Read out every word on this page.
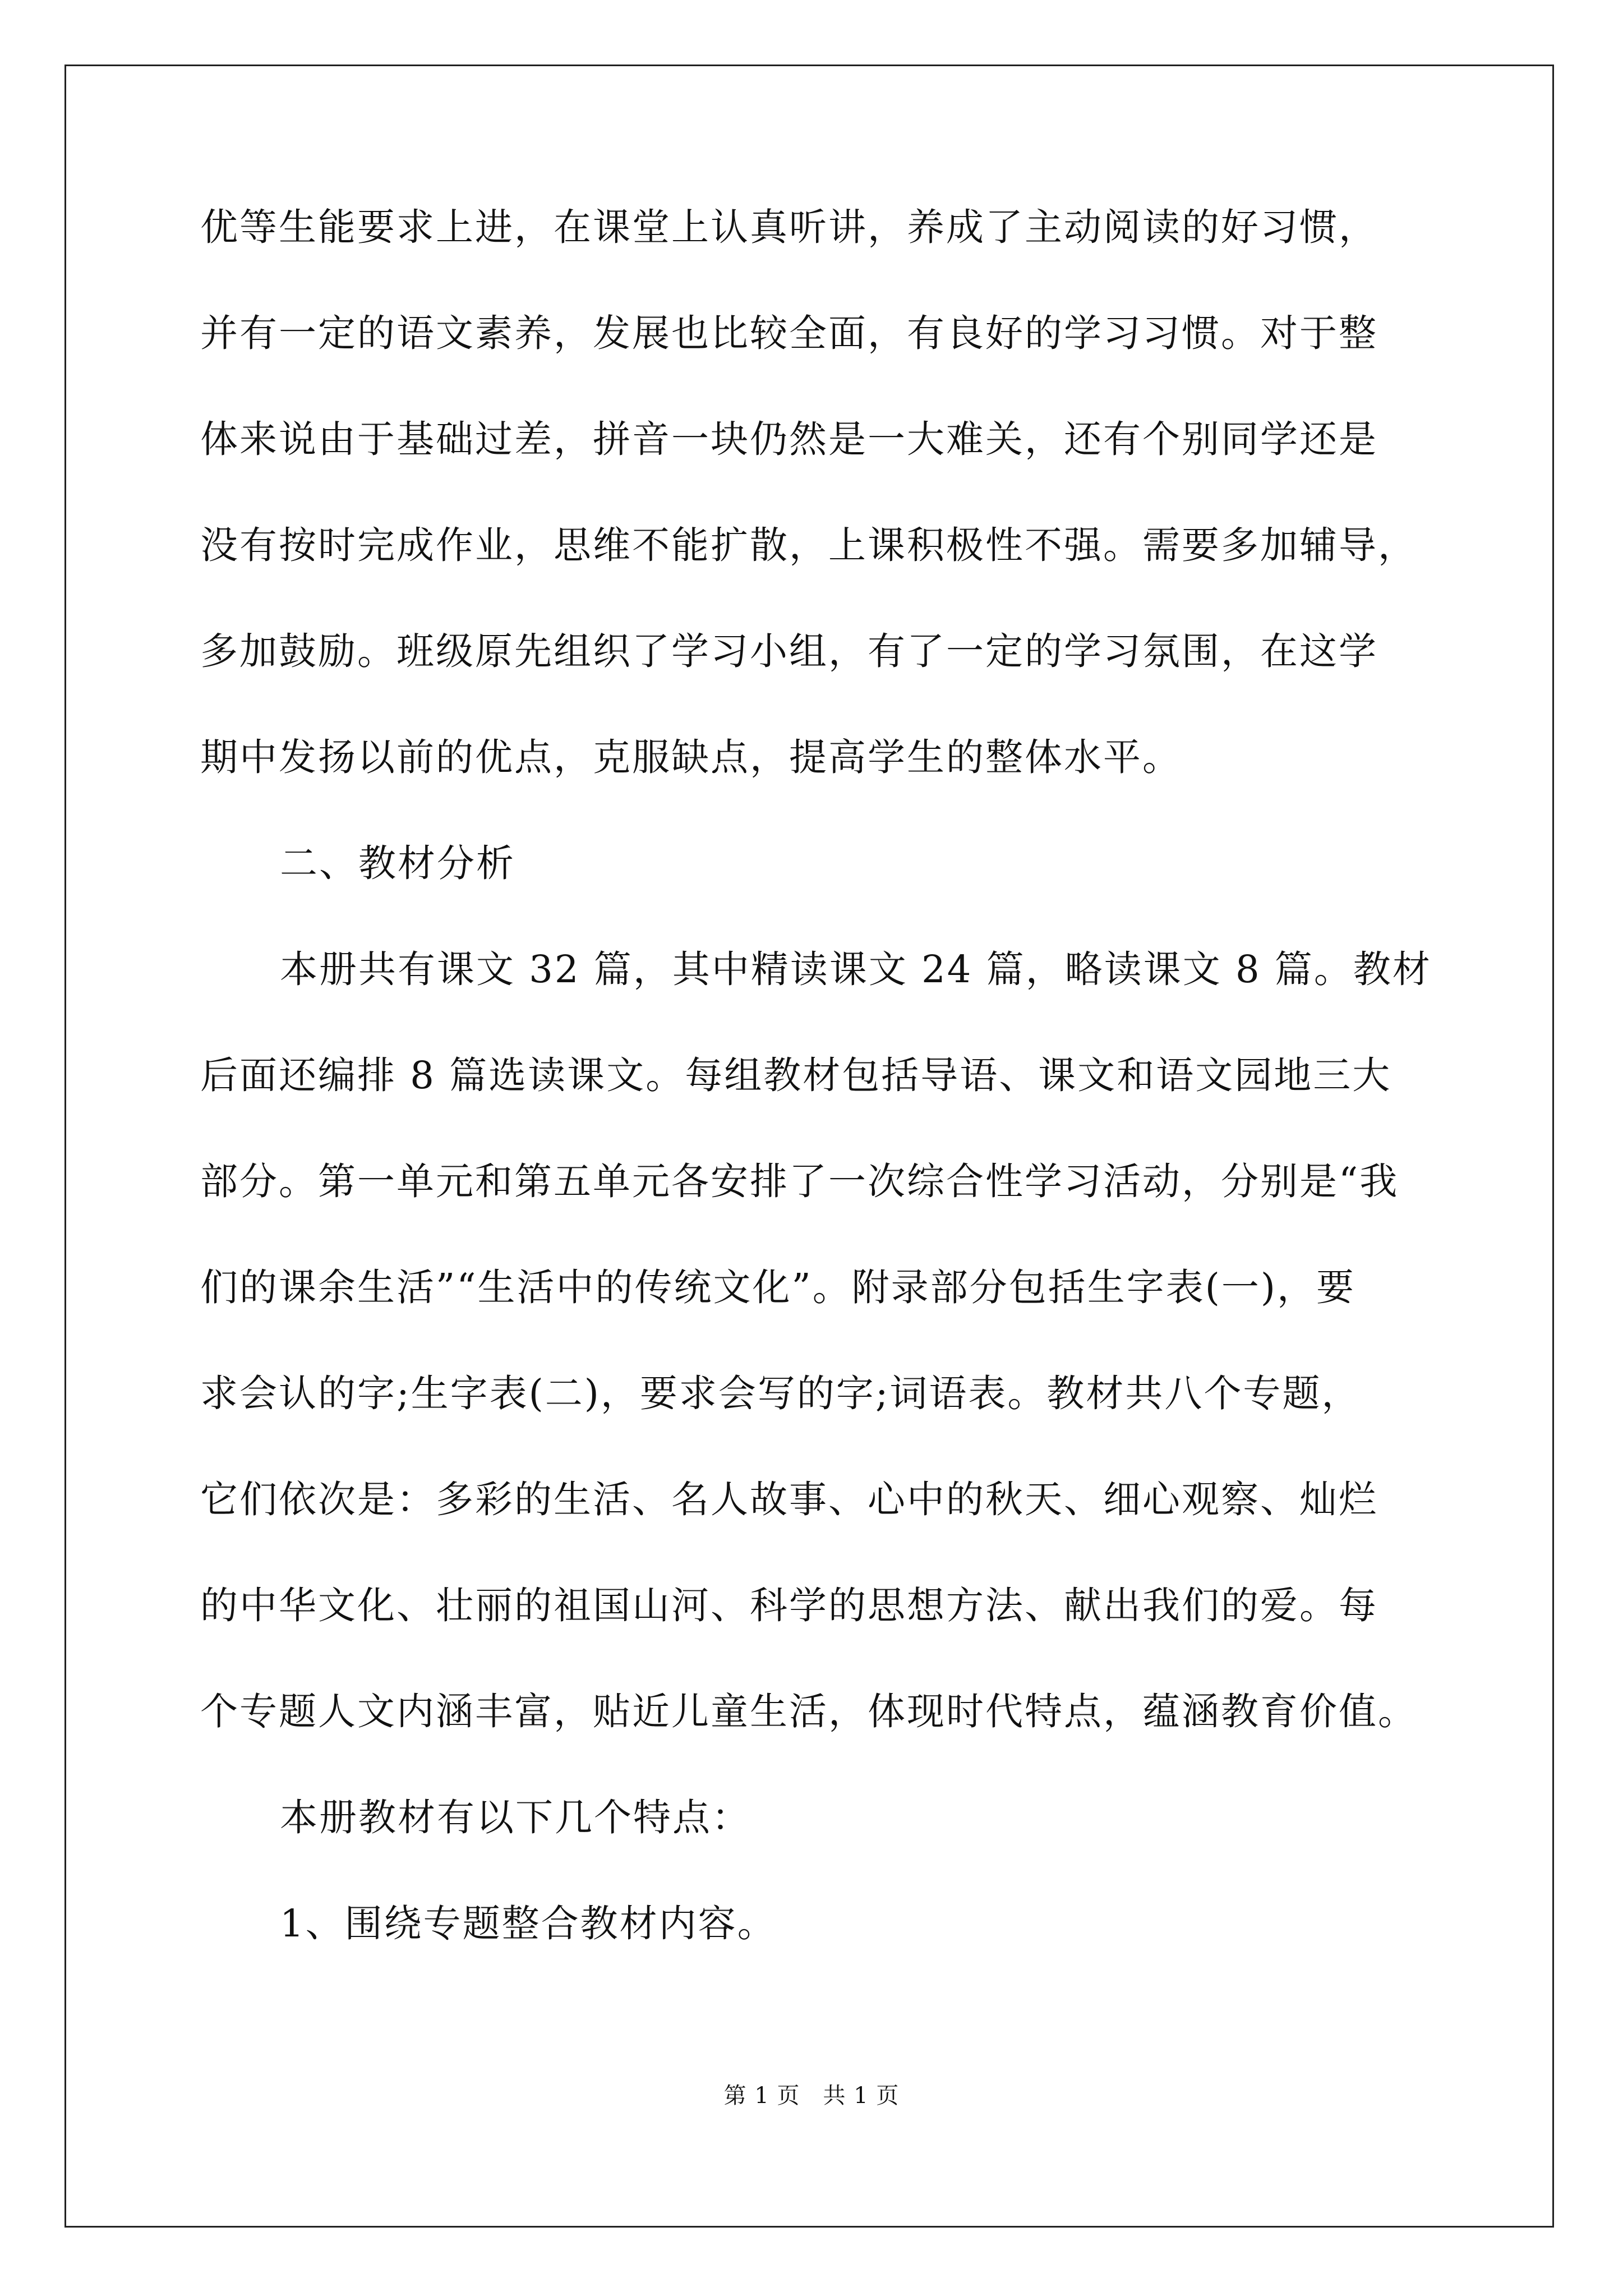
优等生能要求上进，在课堂上认真听讲，养成了主动阅读的好习惯，
并有一定的语文素养，发展也比较全面，有良好的学习习惯。对于整
体来说由于基础过差，拼音一块仍然是一大难关，还有个别同学还是
没有按时完成作业，思维不能扩散，上课积极性不强。需要多加辅导，
多加鼓励。班级原先组织了学习小组，有了一定的学习氛围，在这学
期中发扬以前的优点，克服缺点，提高学生的整体水平。
二、教材分析
本册共有课文 32 篇，其中精读课文 24 篇，略读课文 8 篇。教材
后面还编排 8 篇选读课文。每组教材包括导语、课文和语文园地三大
部分。第一单元和第五单元各安排了一次综合性学习活动，分别是“我
们的课余生活”“生活中的传统文化”。附录部分包括生字表(一)，要
求会认的字;生字表(二)，要求会写的字;词语表。教材共八个专题，
它们依次是：多彩的生活、名人故事、心中的秋天、细心观察、灿烂
的中华文化、壮丽的祖国山河、科学的思想方法、献出我们的爱。每
个专题人文内涵丰富，贴近儿童生活，体现时代特点，蕴涵教育价值。
本册教材有以下几个特点：
1、围绕专题整合教材内容。
第 1 页　共 1 页
